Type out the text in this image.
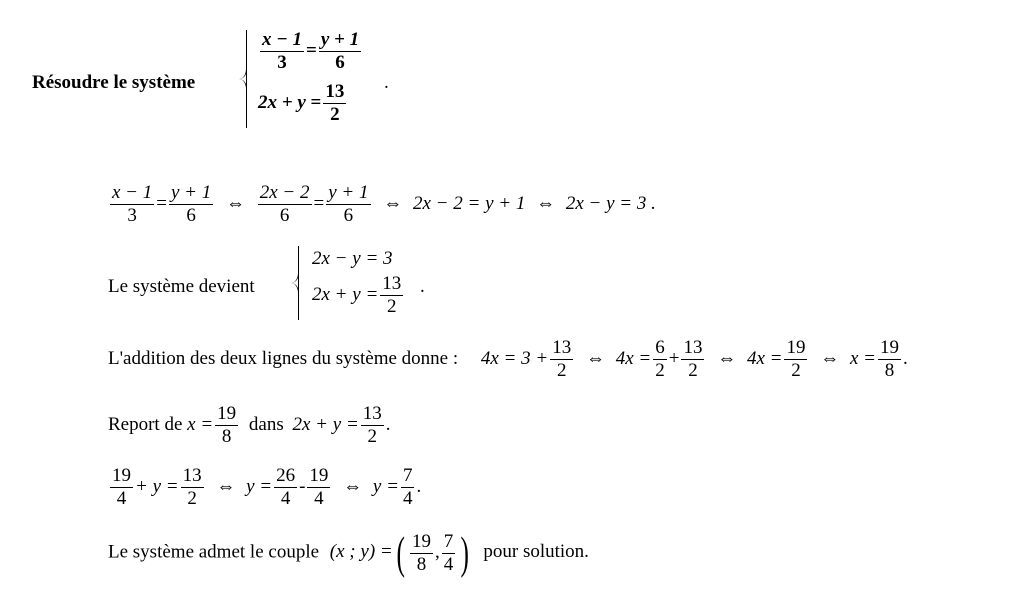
Résoudre le système
$\frac{x - 1}{3} = \frac{y + 1}{6}$
$2x + y = \frac{13}{2}$ .
$\frac{x - 1}{3} = \frac{y + 1}{6}$ ⇔ $\frac{2x - 2}{6} = \frac{y + 1}{6}$ ⇔ 2x − 2 = y + 1 ⇔ 2x − y = 3 .
Le système devient
2x − y = 3
$2x + y = \frac{13}{2}$ .
L'addition des deux lignes du système donne : $4x = 3 + \frac{13}{2}$ ⇔ $4x = \frac{6}{2} + \frac{13}{2}$ ⇔ $4x = \frac{19}{2}$ ⇔ $x = \frac{19}{8}$ .
Report de $x = \frac{19}{8}$ dans $2x + y = \frac{13}{2}$ .
$\frac{19}{4} + y = \frac{13}{2}$ ⇔ $y = \frac{26}{4} - \frac{19}{4}$ ⇔ $y = \frac{7}{4}$ .
Le système admet le couple (x ; y) =( $\frac{19}{8}$ , $\frac{7}{4}$ ) pour solution.
